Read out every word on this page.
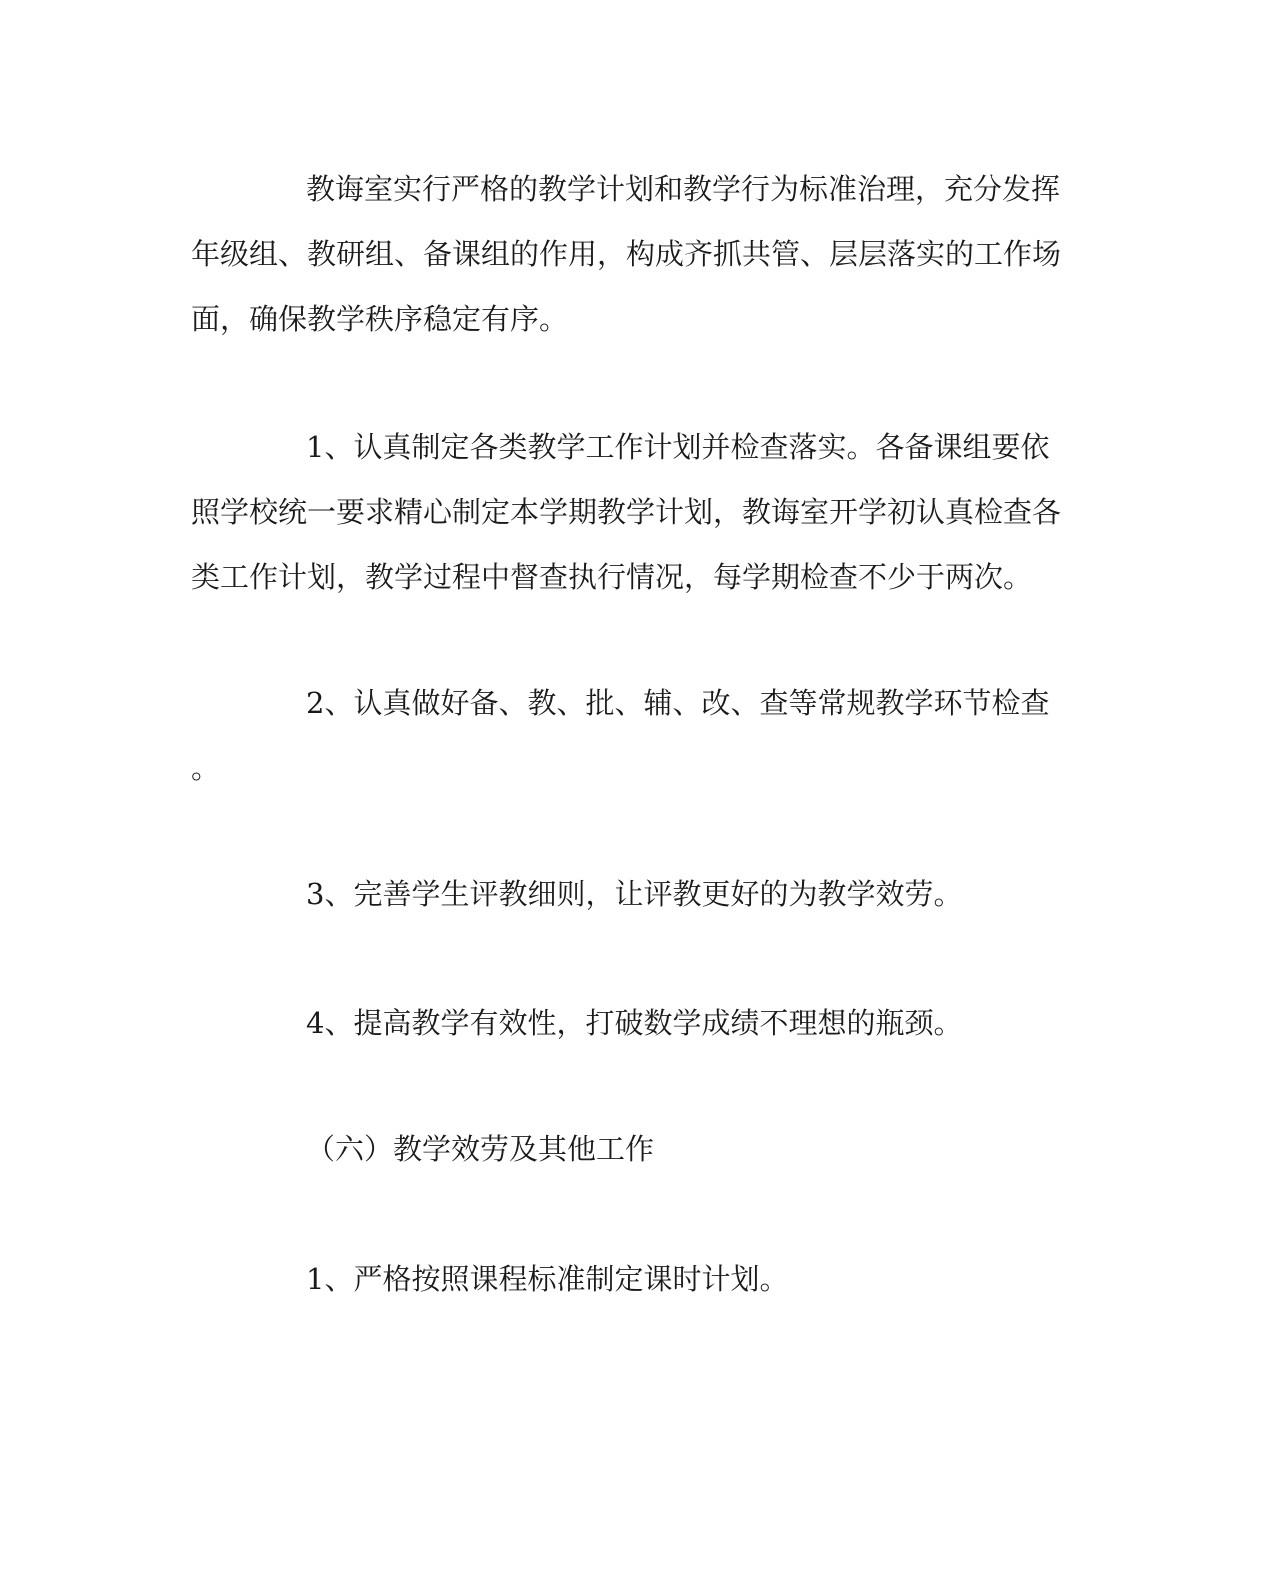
教诲室实行严格的教学计划和教学行为标准治理，充分发挥
年级组、教研组、备课组的作用，构成齐抓共管、层层落实的工作场
面，确保教学秩序稳定有序。
1、认真制定各类教学工作计划并检查落实。各备课组要依
照学校统一要求精心制定本学期教学计划，教诲室开学初认真检查各
类工作计划，教学过程中督查执行情况，每学期检查不少于两次。
2、认真做好备、教、批、辅、改、查等常规教学环节检查
。
3、完善学生评教细则，让评教更好的为教学效劳。
4、提高教学有效性，打破数学成绩不理想的瓶颈。
（六）教学效劳及其他工作
1、严格按照课程标准制定课时计划。
